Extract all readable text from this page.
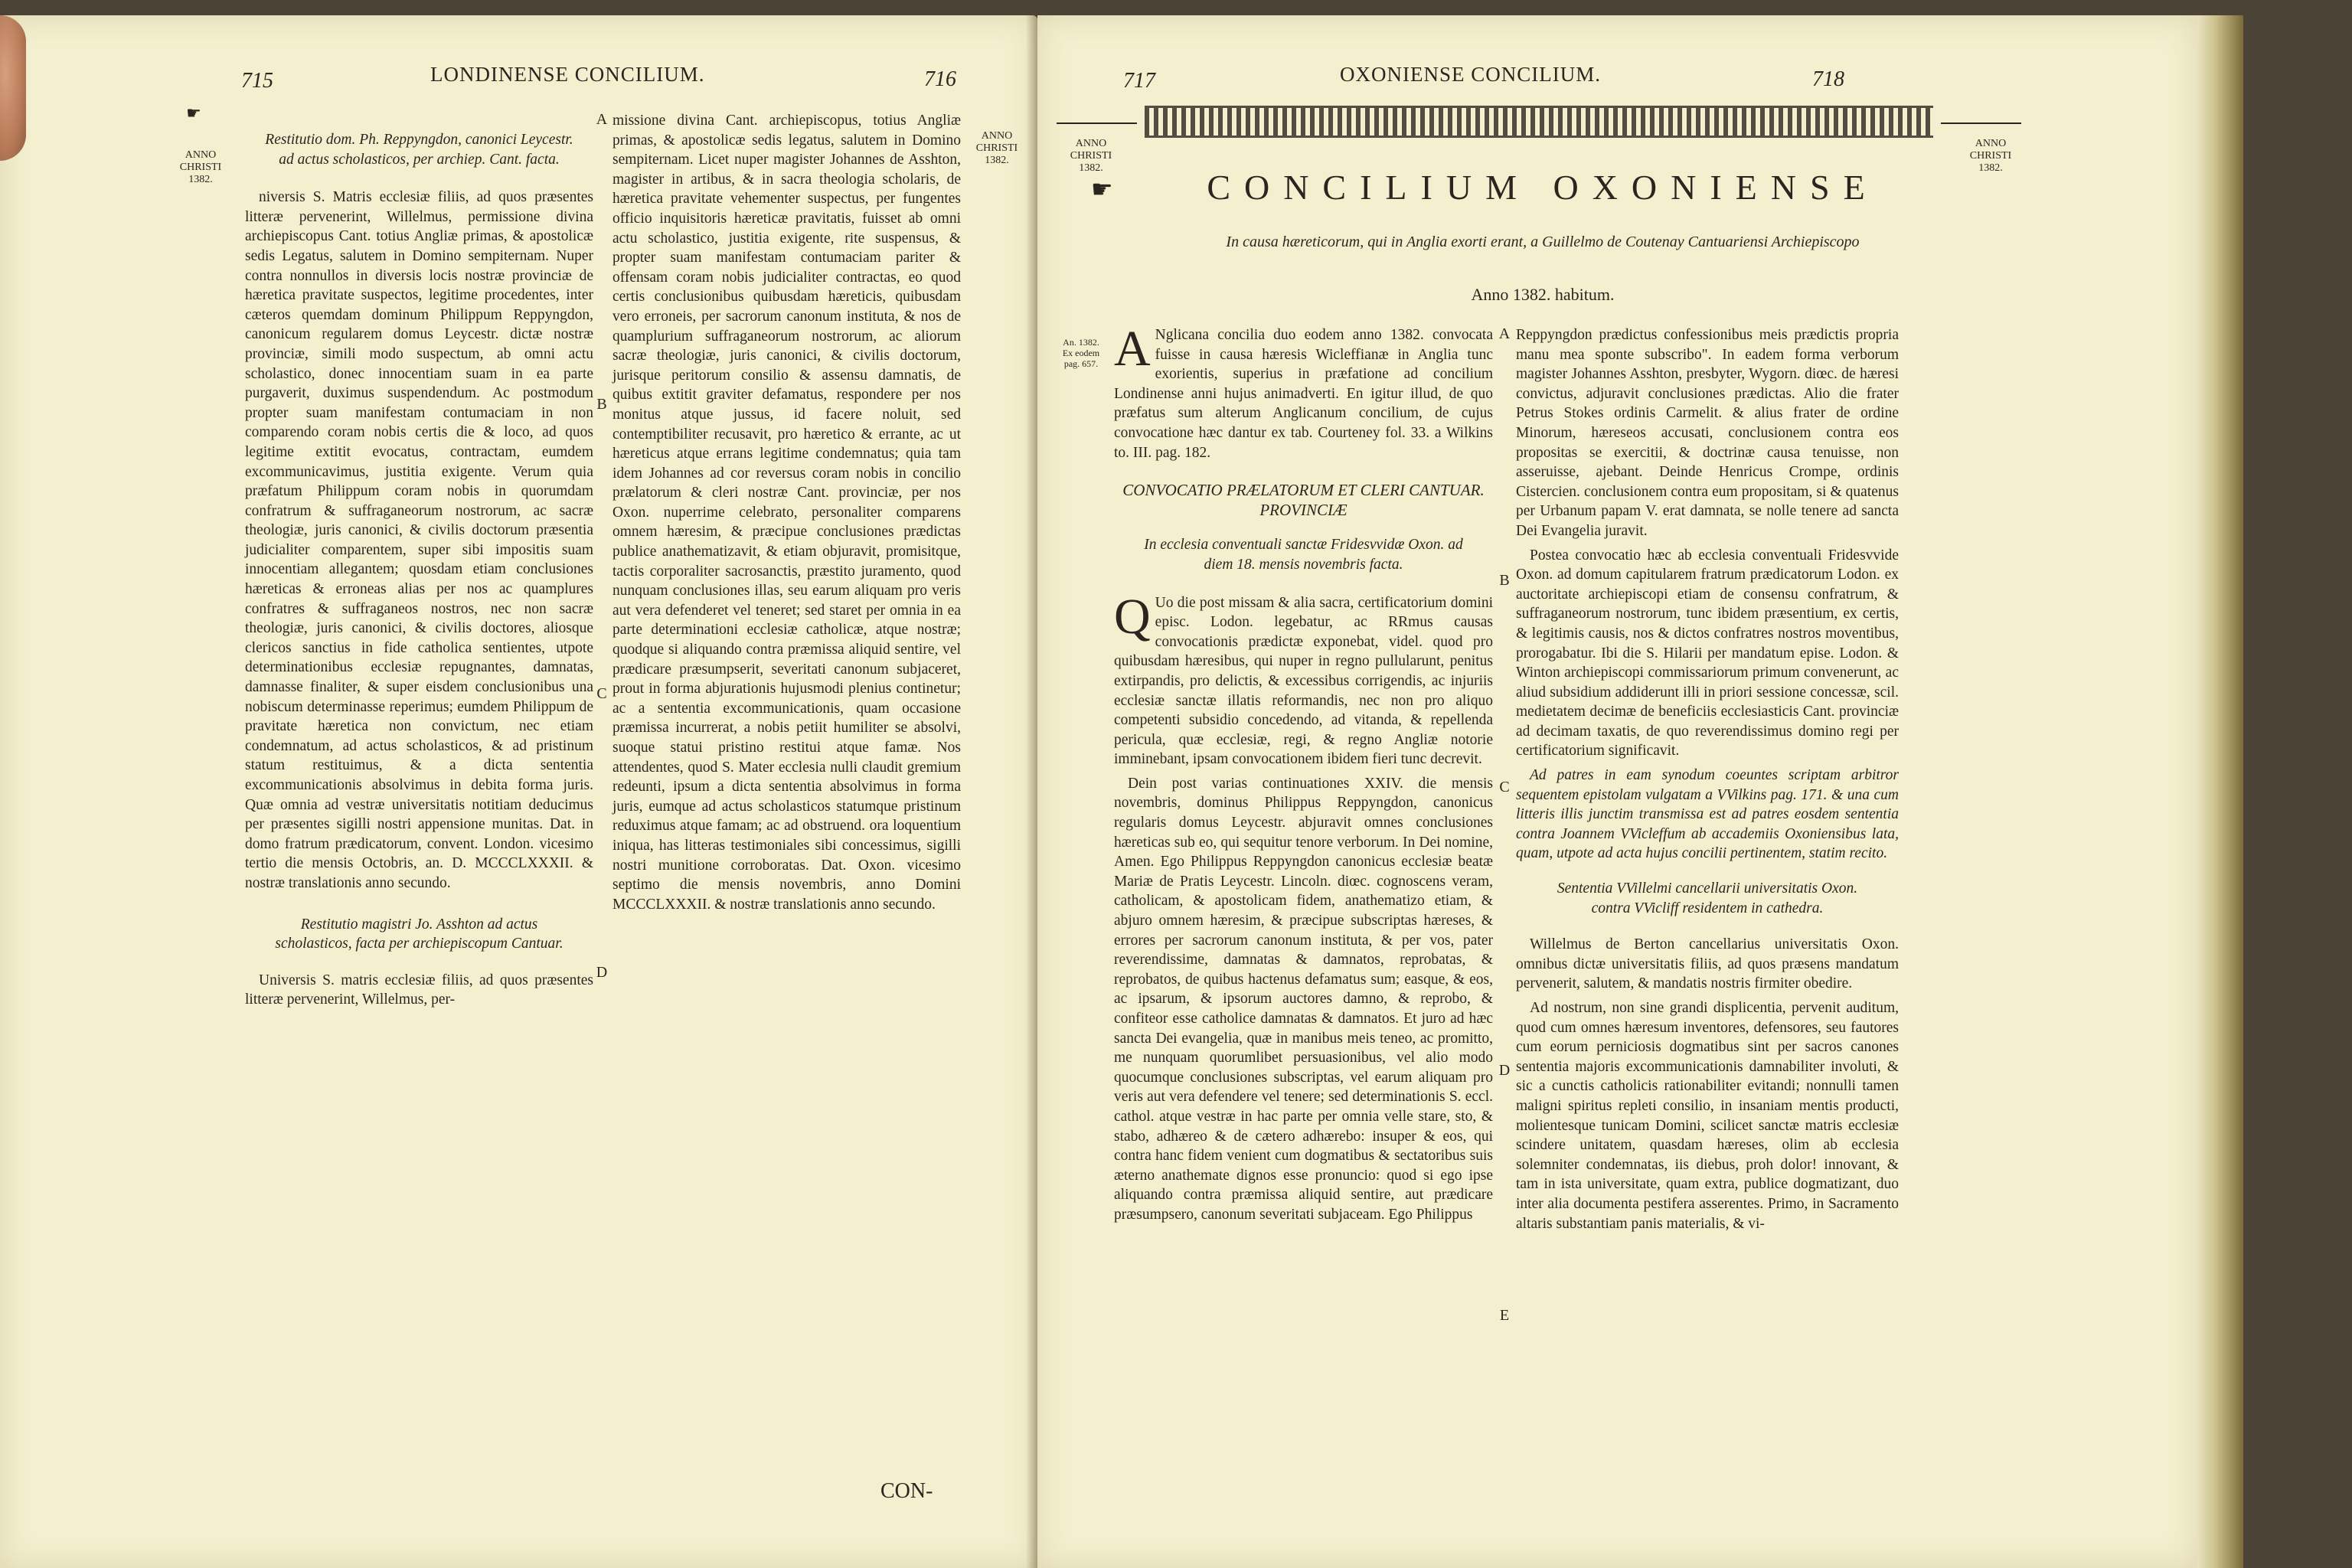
715	LONDINENSE CONCILIUM.	716
☛
ANNO
CHRISTI
1382.
ANNO
CHRISTI
1382.
Restitutio dom. Ph. Reppyngdon, canonici Leycestr. ad actus scholasticos, per archiep. Cant. facta.

niversis S. Matris ecclesiæ filiis, ad quos præsentes litteræ pervenerint, Willelmus, permissione divina archiepiscopus Cant. totius Angliæ primas, & apostolicæ sedis Legatus, salutem in Domino sempiternam. Nuper contra nonnullos in diversis locis nostræ provinciæ de hæretica pravitate suspectos, legitime procedentes, inter cæteros quemdam dominum Philippum Reppyngdon, canonicum regularem domus Leycestr. dictæ nostræ provinciæ, simili modo suspectum, ab omni actu scholastico, donec innocentiam suam in ea parte purgaverit, duximus suspendendum. Ac postmodum propter suam manifestam contumaciam in non comparendo coram nobis certis die & loco, ad quos legitime extitit evocatus, contractam, eumdem excommunicavimus, justitia exigente. Verum quia præfatum Philippum coram nobis in quorumdam confratrum & suffraganeorum nostrorum, ac sacræ theologiæ, juris canonici, & civilis doctorum præsentia judicialiter comparentem, super sibi impositis suam innocentiam allegantem; quosdam etiam conclusiones hæreticas & erroneas alias per nos ac quamplures confratres & suffraganeos nostros, nec non sacræ theologiæ, juris canonici, & civilis doctores, aliosque clericos sanctius in fide catholica sentientes, utpote determinationibus ecclesiæ repugnantes, damnatas, damnasse finaliter, & super eisdem conclusionibus una nobiscum determinasse reperimus; eumdem Philippum de pravitate hæretica non convictum, nec etiam condemnatum, ad actus scholasticos, & ad pristinum statum restituimus, & a dicta sententia excommunicationis absolvimus in debita forma juris. Quæ omnia ad vestræ universitatis notitiam deducimus per præsentes sigilli nostri appensione munitas. Dat. in domo fratrum prædicatorum, convent. London. vicesimo tertio die mensis Octobris, an. D. MCCCLXXXII. & nostræ translationis anno secundo.

Restitutio magistri Jo. Asshton ad actus scholasticos, facta per archiepiscopum Cantuar.

Universis S. matris ecclesiæ filiis, ad quos præsentes litteræ pervenerint, Willelmus, per-

missione divina Cant. archiepiscopus, totius Angliæ primas, & apostolicæ sedis legatus, salutem in Domino sempiternam. Licet nuper magister Johannes de Asshton, magister in artibus, & in sacra theologia scholaris, de hæretica pravitate vehementer suspectus, per fungentes officio inquisitoris hæreticæ pravitatis, fuisset ab omni actu scholastico, justitia exigente, rite suspensus, & propter suam manifestam contumaciam pariter & offensam coram nobis judicialiter contractas, eo quod certis conclusionibus quibusdam hæreticis, quibusdam vero erroneis, per sacrorum canonum instituta, & nos de quamplurium suffraganeorum nostrorum, ac aliorum sacræ theologiæ, juris canonici, & civilis doctorum, jurisque peritorum consilio & assensu damnatis, de quibus extitit graviter defamatus, respondere per nos monitus atque jussus, id facere noluit, sed contemptibiliter recusavit, pro hæretico & errante, ac ut hæreticus atque errans legitime condemnatus; quia tam idem Johannes ad cor reversus coram nobis in concilio prælatorum & cleri nostræ Cant. provinciæ, per nos Oxon. nuperrime celebrato, personaliter comparens omnem hæresim, & præcipue conclusiones prædictas publice anathematizavit, & etiam objuravit, promisitque, tactis corporaliter sacrosanctis, præstito juramento, quod nunquam conclusiones illas, seu earum aliquam pro veris aut vera defenderet vel teneret; sed staret per omnia in ea parte determinationi ecclesiæ catholicæ, atque nostræ; quodque si aliquando contra præmissa aliquid sentire, vel prædicare præsumpserit, severitati canonum subjaceret, prout in forma abjurationis hujusmodi plenius continetur; ac a sententia excommunicationis, quam occasione præmissa incurrerat, a nobis petiit humiliter se absolvi, suoque statui pristino restitui atque famæ. Nos attendentes, quod S. Mater ecclesia nulli claudit gremium redeunti, ipsum a dicta sententia absolvimus in forma juris, eumque ad actus scholasticos statumque pristinum reduximus atque famam; ac ad obstruend. ora loquentium iniqua, has litteras testimoniales sibi concessimus, sigilli nostri munitione corroboratas. Dat. Oxon. vicesimo septimo die mensis novembris, anno Domini MCCCLXXXII. & nostræ translationis anno secundo.

A
B
C
D
CON-
717	OXONIENSE CONCILIUM.	718
ANNO
CHRISTI
1382.
ANNO
CHRISTI
1382.
☛	CONCILIUM OXONIENSE
In causa hæreticorum, qui in Anglia exorti erant, a Guillelmo de Coutenay Cantuariensi Archiepiscopo
Anno 1382. habitum.
An. 1382. Ex eodem pag. 657. A Nglicana concilia duo eodem anno 1382. convocata fuisse in causa hæresis Wicleffianæ in Anglia tunc exorientis, superius in præfatione ad concilium Londinense anni hujus animadverti. En igitur illud, de quo præfatus sum alterum Anglicanum concilium, de cujus convocatione hæc dantur ex tab. Courteney fol. 33. a Wilkins to. III. pag. 182.

CONVOCATIO PRÆLATORUM ET CLERI CANTUAR. PROVINCIÆ
In ecclesia conventuali sanctæ Fridesvvidæ Oxon. ad diem 18. mensis novembris facta.

Q Uo die post missam & alia sacra, certificatorium domini episc. Lodon. legebatur, ac RRmus causas convocationis prædictæ exponebat, videl. quod pro quibusdam hæresibus, qui nuper in regno pullularunt, penitus extirpandis, pro delictis, & excessibus corrigendis, ac injuriis ecclesiæ sanctæ illatis reformandis, nec non pro aliquo competenti subsidio concedendo, ad vitanda, & repellenda pericula, quæ ecclesiæ, regi, & regno Angliæ notorie imminebant, ipsam convocationem ibidem fieri tunc decrevit.

Dein post varias continuationes XXIV. die mensis novembris, dominus Philippus Reppyngdon, canonicus regularis domus Leycestr. abjuravit omnes conclusiones hæreticas sub eo, qui sequitur tenore verborum. In Dei nomine, Amen. Ego Philippus Reppyngdon canonicus ecclesiæ beatæ Mariæ de Pratis Leycestr. Lincoln. diœc. cognoscens veram, catholicam, & apostolicam fidem, anathematizo etiam, & abjuro omnem hæresim, & præcipue subscriptas hæreses, & errores per sacrorum canonum instituta, & per vos, pater reverendissime, damnatas & damnatos, reprobatas, & reprobatos, de quibus hactenus defamatus sum; easque, & eos, ac ipsarum, & ipsorum auctores damno, & reprobo, & confiteor esse catholice damnatas & damnatos. Et juro ad hæc sancta Dei evangelia, quæ in manibus meis teneo, ac promitto, me nunquam quorumlibet persuasionibus, vel alio modo quocumque conclusiones subscriptas, vel earum aliquam pro veris aut vera defendere vel tenere; sed determinationis S. eccl. cathol. atque vestræ in hac parte per omnia velle stare, sto, & stabo, adhæreo & de cætero adhærebo: insuper & eos, qui contra hanc fidem venient cum dogmatibus & sectatoribus suis æterno anathemate dignos esse pronuncio: quod si ego ipse aliquando contra præmissa aliquid sentire, aut prædicare præsumpsero, canonum severitati subjaceam. Ego Philippus

Reppyngdon prædictus confessionibus meis prædictis propria manu mea sponte subscribo". In eadem forma verborum magister Johannes Asshton, presbyter, Wygorn. diœc. de hæresi convictus, adjuravit conclusiones prædictas. Alio die frater Petrus Stokes ordinis Carmelit. & alius frater de ordine Minorum, hæreseos accusati, conclusionem contra eos propositas se exercitii, & doctrinæ causa tenuisse, non asseruisse, ajebant. Deinde Henricus Crompe, ordinis Cistercien. conclusionem contra eum propositam, si & quatenus per Urbanum papam V. erat damnata, se nolle tenere ad sancta Dei Evangelia juravit.

Postea convocatio hæc ab ecclesia conventuali Fridesvvide Oxon. ad domum capitularem fratrum prædicatorum Lodon. ex auctoritate archiepiscopi etiam de consensu confratrum, & suffraganeorum nostrorum, tunc ibidem præsentium, ex certis, & legitimis causis, nos & dictos confratres nostros moventibus, prorogabatur. Ibi die S. Hilarii per mandatum epise. Lodon. & Winton archiepiscopi commissariorum primum convenerunt, ac aliud subsidium addiderunt illi in priori sessione concessæ, scil. medietatem decimæ de beneficiis ecclesiasticis Cant. provinciæ ad decimam taxatis, de quo reverendissimus domino regi per certificatorium significavit.

Ad patres in eam synodum coeuntes scriptam arbitror sequentem epistolam vulgatam a VVilkins pag. 171. & una cum litteris illis junctim transmissa est ad patres eosdem sententia contra Joannem VVicleffum ab accademiis Oxoniensibus lata, quam, utpote ad acta hujus concilii pertinentem, statim recito.

Sententia VVillelmi cancellarii universitatis Oxon. contra VVicliff residentem in cathedra.

Willelmus de Berton cancellarius universitatis Oxon. omnibus dictæ universitatis filiis, ad quos præsens mandatum pervenerit, salutem, & mandatis nostris firmiter obedire.

Ad nostrum, non sine grandi displicentia, pervenit auditum, quod cum omnes hæresum inventores, defensores, seu fautores cum eorum perniciosis dogmatibus sint per sacros canones sententia majoris excommunicationis damnabiliter involuti, & sic a cunctis catholicis rationabiliter evitandi; nonnulli tamen maligni spiritus repleti consilio, in insaniam mentis producti, molientesque tunicam Domini, scilicet sanctæ matris ecclesiæ scindere unitatem, quasdam hæreses, olim ab ecclesia solemniter condemnatas, iis diebus, proh dolor! innovant, & tam in ista universitate, quam extra, publice dogmatizant, duo inter alia documenta pestifera asserentes. Primo, in Sacramento altaris substantiam panis materialis, & vi-

A
B
C
D
E
